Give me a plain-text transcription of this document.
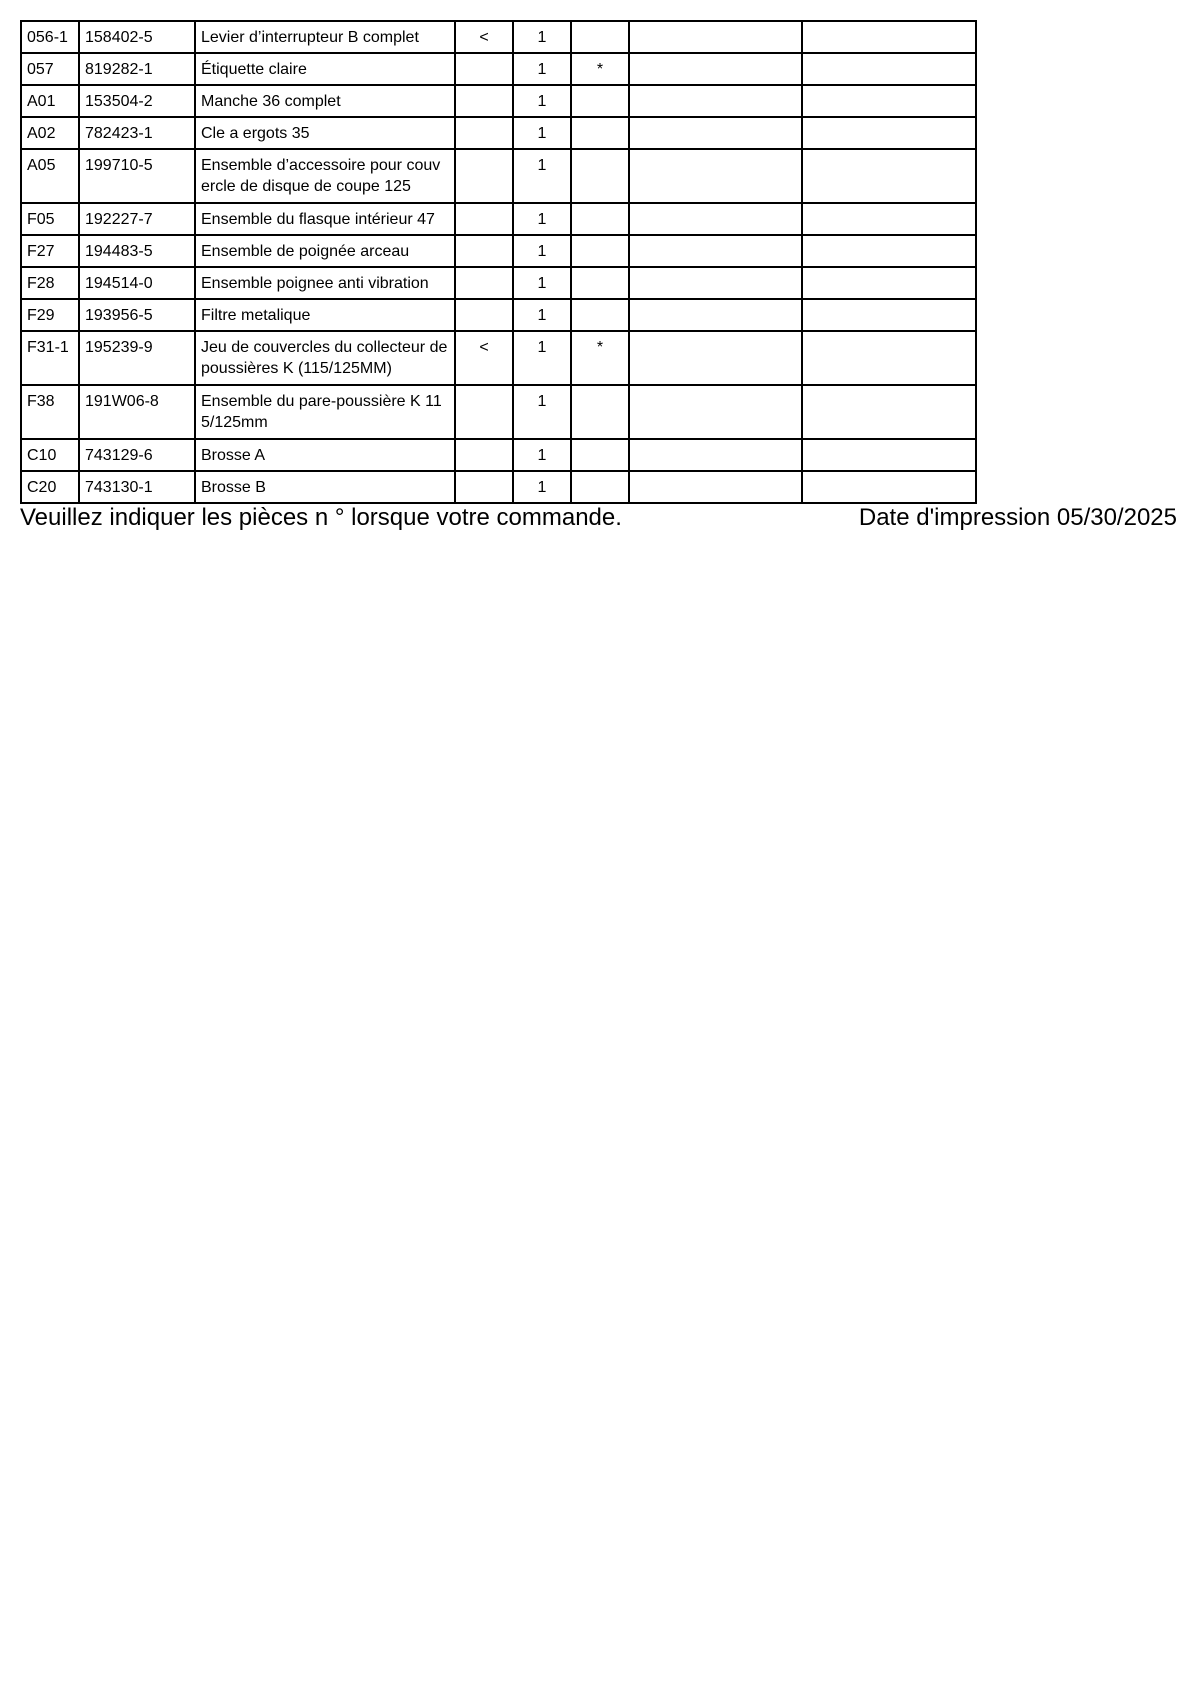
056-1	158402-5	Levier d’interrupteur B complet	<	1			
057	819282-1	Étiquette claire		1	*		
A01	153504-2	Manche 36 complet		1			
A02	782423-1	Cle a ergots 35		1			
A05	199710-5	Ensemble d’accessoire pour couvercle de disque de coupe 125		1			
F05	192227-7	Ensemble du flasque intérieur 47		1			
F27	194483-5	Ensemble de poignée arceau		1			
F28	194514-0	Ensemble poignee anti vibration		1			
F29	193956-5	Filtre metalique		1			
F31-1	195239-9	Jeu de couvercles du collecteur de poussières K (115/125MM)	<	1	*		
F38	191W06-8	Ensemble du pare-poussière K 115/125mm		1			
C10	743129-6	Brosse A		1			
C20	743130-1	Brosse B		1			
Veuillez indiquer les pièces n ° lorsque votre commande.	Date d'impression 05/30/2025
